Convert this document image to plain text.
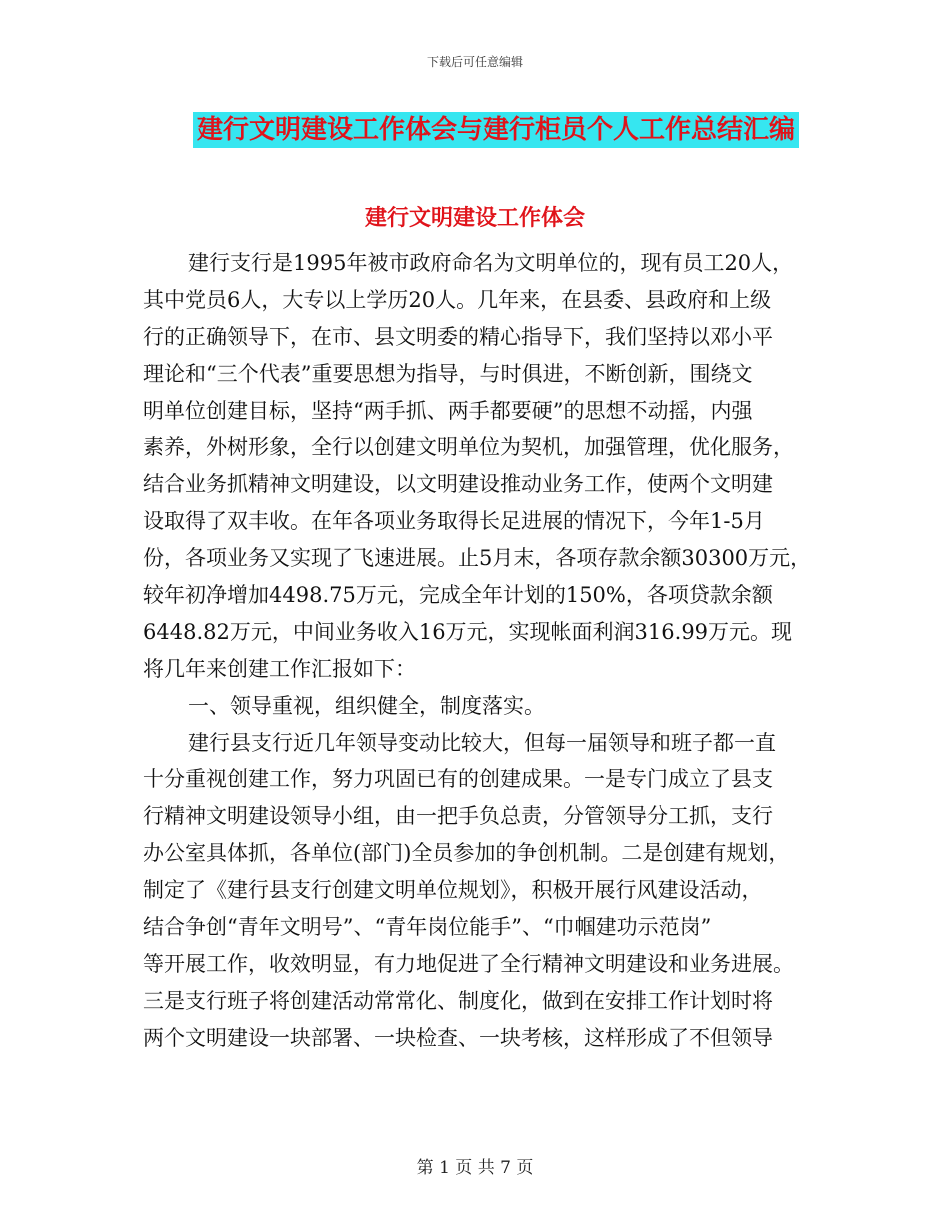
下载后可任意编辑
建行文明建设工作体会与建行柜员个人工作总结汇编
建行文明建设工作体会
建行支行是1995年被市政府命名为文明单位的，现有员工20人，
其中党员6人，大专以上学历20人。几年来，在县委、县政府和上级
行的正确领导下，在市、县文明委的精心指导下，我们坚持以邓小平
理论和“三个代表”重要思想为指导，与时俱进，不断创新，围绕文
明单位创建目标，坚持“两手抓、两手都要硬”的思想不动摇，内强
素养，外树形象，全行以创建文明单位为契机，加强管理，优化服务，
结合业务抓精神文明建设，以文明建设推动业务工作，使两个文明建
设取得了双丰收。在年各项业务取得长足进展的情况下，今年1-5月
份，各项业务又实现了飞速进展。止5月末，各项存款余额30300万元，
较年初净增加4498.75万元，完成全年计划的150%，各项贷款余额
6448.82万元，中间业务收入16万元，实现帐面利润316.99万元。现
将几年来创建工作汇报如下：
一、领导重视，组织健全，制度落实。
建行县支行近几年领导变动比较大，但每一届领导和班子都一直
十分重视创建工作，努力巩固已有的创建成果。一是专门成立了县支
行精神文明建设领导小组，由一把手负总责，分管领导分工抓，支行
办公室具体抓，各单位(部门)全员参加的争创机制。二是创建有规划，
制定了《建行县支行创建文明单位规划》，积极开展行风建设活动，
结合争创“青年文明号”、“青年岗位能手”、“巾帼建功示范岗”
等开展工作，收效明显，有力地促进了全行精神文明建设和业务进展。
三是支行班子将创建活动常常化、制度化，做到在安排工作计划时将
两个文明建设一块部署、一块检查、一块考核，这样形成了不但领导
第 1 页 共 7 页
